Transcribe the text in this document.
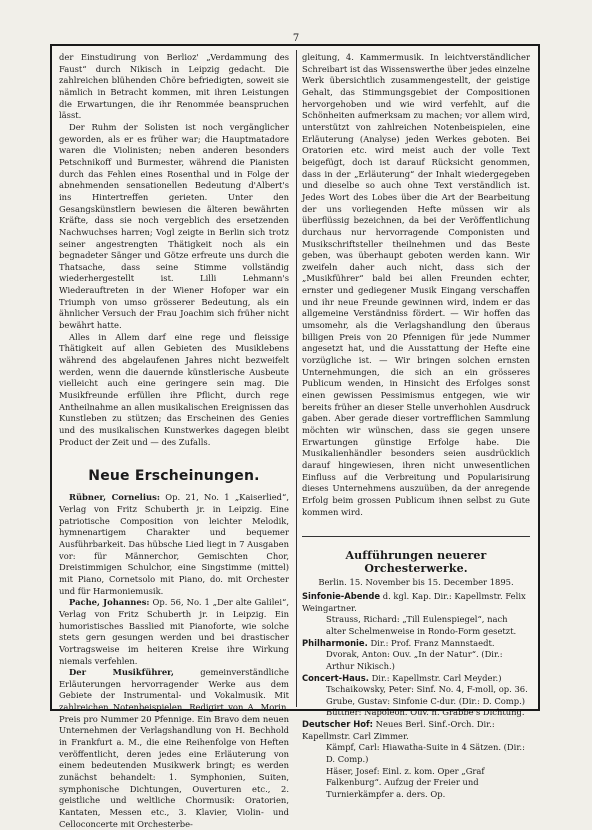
7

der Einstudirung von Berlioz' „Verdammung des Faust“ durch Nikisch in Leipzig gedacht. Die zahlreichen blühenden Chöre befriedigten, soweit sie nämlich in Betracht kommen, mit ihren Leistungen die Erwartungen, die ihr Renommée beanspruchen lässt.

Der Ruhm der Solisten ist noch vergänglicher geworden, als er es früher war; die Hauptmatadore waren die Violinisten; neben anderen besonders Petschnikoff und Burmester, während die Pianisten durch das Fehlen eines Rosenthal und in Folge der abnehmenden sensationellen Bedeutung d'Albert's ins Hintertreffen gerieten. Unter den Gesangskünstlern bewiesen die älteren bewährten Kräfte, dass sie noch vergeblich des ersetzenden Nachwuchses harren; Vogl zeigte in Berlin sich trotz seiner angestrengten Thätigkeit noch als ein begnadeter Sänger und Götze erfreute uns durch die Thatsache, dass seine Stimme vollständig wiederhergestellt ist. Lilli Lehmann's Wiederauftreten in der Wiener Hofoper war ein Triumph von umso grösserer Bedeutung, als ein ähnlicher Versuch der Frau Joachim sich früher nicht bewährt hatte.

Alles in Allem darf eine rege und fleissige Thätigkeit auf allen Gebieten des Musiklebens während des abgelaufenen Jahres nicht bezweifelt werden, wenn die dauernde künstlerische Ausbeute vielleicht auch eine geringere sein mag. Die Musikfreunde erfüllen ihre Pflicht, durch rege Antheilnahme an allen musikalischen Ereignissen das Kunstleben zu stützen; das Erscheinen des Genies und des musikalischen Kunstwerkes dagegen bleibt Product der Zeit und — des Zufalls.

Neue Erscheinungen.

Rübner, Cornelius: Op. 21, No. 1 „Kaiserlied“, Verlag von Fritz Schuberth jr. in Leipzig. Eine patriotische Composition von leichter Melodik, hymnenartigem Charakter und bequemer Ausführbarkeit. Das hübsche Lied liegt in 7 Ausgaben vor: für Männerchor, Gemischten Chor, Dreistimmigen Schulchor, eine Singstimme (mittel) mit Piano, Cornetsolo mit Piano, do. mit Orchester und für Harmoniemusik.

Pache, Johannes: Op. 56, No. 1 „Der alte Galilei“, Verlag von Fritz Schuberth jr. in Leipzig. Ein humoristisches Basslied mit Pianoforte, wie solche stets gern gesungen werden und bei drastischer Vortragsweise im heiteren Kreise ihre Wirkung niemals verfehlen.

Der Musikführer, gemeinverständliche Erläuterungen hervorragender Werke aus dem Gebiete der Instrumental- und Vokalmusik. Mit zahlreichen Notenbeispielen. Redigirt von A. Morin. Preis pro Nummer 20 Pfennige. Ein Bravo dem neuen Unternehmen der Verlagshandlung von H. Bechhold in Frankfurt a. M., die eine Reihenfolge von Heften veröffentlicht, deren jedes eine Erläuterung von einem bedeutenden Musikwerk bringt; es werden zunächst behandelt: 1. Symphonien, Suiten, symphonische Dichtungen, Ouverturen etc., 2. geistliche und weltliche Chormusik: Oratorien, Kantaten, Messen etc., 3. Klavier, Violin- und Celloconcerte mit Orchesterbe-

gleitung, 4. Kammermusik. In leichtverständlicher Schreibart ist das Wissenswerthe über jedes einzelne Werk übersichtlich zusammengestellt, der geistige Gehalt, das Stimmungsgebiet der Compositionen hervorgehoben und wie wird verfehlt, auf die Schönheiten aufmerksam zu machen; vor allem wird, unterstützt von zahlreichen Notenbeispielen, eine Erläuterung (Analyse) jeden Werkes geboten. Bei Oratorien etc. wird meist auch der volle Text beigefügt, doch ist darauf Rücksicht genommen, dass in der „Erläuterung“ der Inhalt wiedergegeben und dieselbe so auch ohne Text verständlich ist. Jedes Wort des Lobes über die Art der Bearbeitung der uns vorliegenden Hefte müssen wir als überflüssig bezeichnen, da bei der Veröffentlichung durchaus nur hervorragende Componisten und Musikschriftsteller theilnehmen und das Beste geben, was überhaupt geboten werden kann. Wir zweifeln daher auch nicht, dass sich der „Musikführer“ bald bei allen Freunden echter, ernster und gediegener Musik Eingang verschaffen und ihr neue Freunde gewinnen wird, indem er das allgemeine Verständniss fördert. — Wir hoffen das umsomehr, als die Verlagshandlung den überaus billigen Preis von 20 Pfennigen für jede Nummer angesetzt hat, und die Ausstattung der Hefte eine vorzügliche ist. — Wir bringen solchen ernsten Unternehmungen, die sich an ein grösseres Publicum wenden, in Hinsicht des Erfolges sonst einen gewissen Pessimismus entgegen, wie wir bereits früher an dieser Stelle unverhohlen Ausdruck gaben. Aber gerade dieser vortrefflichen Sammlung möchten wir wünschen, dass sie gegen unsere Erwartungen günstige Erfolge habe. Die Musikalienhändler besonders seien ausdrücklich darauf hingewiesen, ihren nicht unwesentlichen Einfluss auf die Verbreitung und Popularisirung dieses Unternehmens auszuüben, da der anregende Erfolg beim grossen Publicum ihnen selbst zu Gute kommen wird.

Aufführungen neuerer Orchesterwerke.
Berlin. 15. November bis 15. December 1895.
Sinfonie-Abende d. kgl. Kap. Dir.: Kapellmstr. Felix Weingartner.
Strauss, Richard: „Till Eulenspiegel“, nach alter Schelmenweise in Rondo-Form gesetzt.
Philharmonie. Dir.: Prof. Franz Mannstaedt.
Dvorak, Anton: Ouv. „In der Natur“. (Dir.: Arthur Nikisch.)
Concert-Haus. Dir.: Kapellmstr. Carl Meyder.)
Tschaikowsky, Peter: Sinf. No. 4, F-moll, op. 36.
Grube, Gustav: Sinfonie C-dur. (Dir.: D. Comp.)
Büttner: Napoleon. Ouv. n. Grabbe's Dichtung.
Deutscher Hof: Neues Berl. Sinf.-Orch. Dir.: Kapellmstr. Carl Zimmer.
Kämpf, Carl: Hiawatha-Suite in 4 Sätzen. (Dir.: D. Comp.)
Häser, Josef: Einl. z. kom. Oper „Graf Falkenburg“. Aufzug der Freier und Turnierkämpfer a. ders. Op.
